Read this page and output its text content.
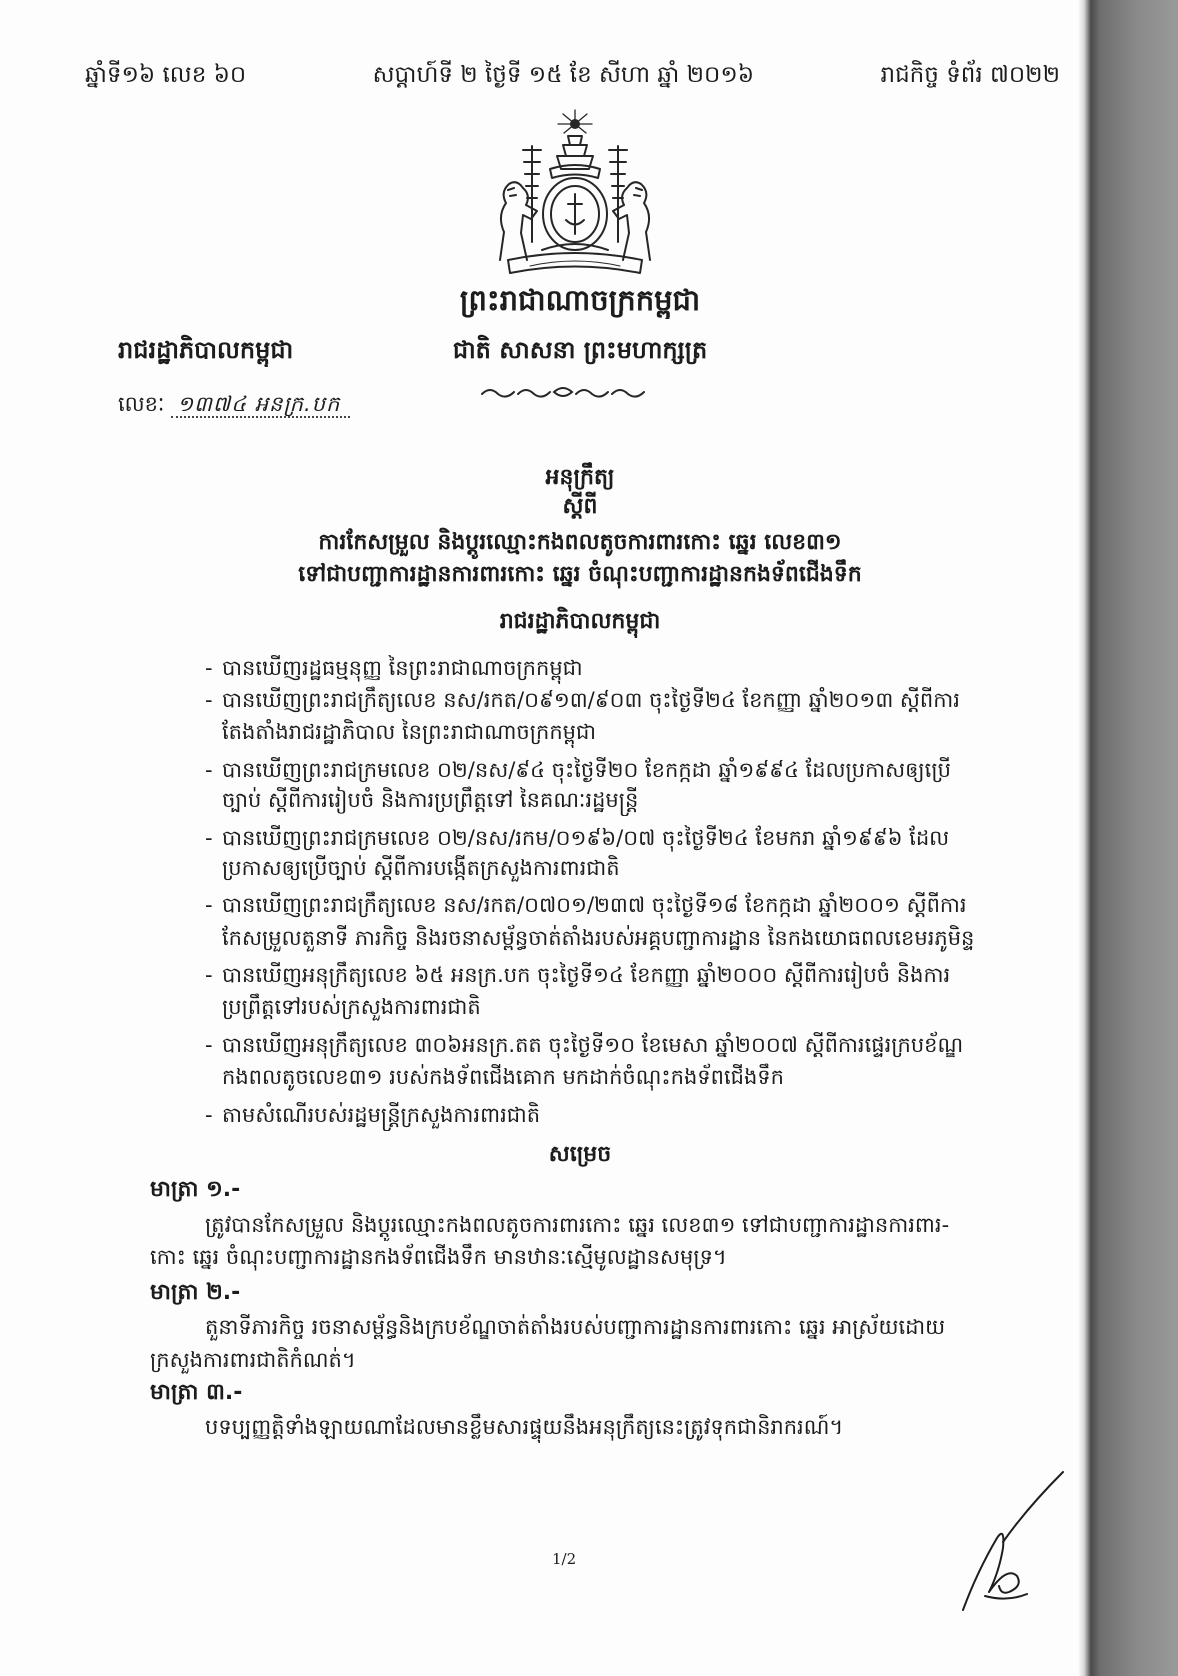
ឆ្នាំទី១៦ លេខ ៦០	សប្តាហ៍ទី ២ ថ្ងៃទី ១៥ ខែ សីហា ឆ្នាំ ២០១៦	រាជកិច្ច ទំព័រ ៧០២២
ព្រះរាជាណាចក្រកម្ពុជា
រាជរដ្ឋាភិបាលកម្ពុជា	ជាតិ សាសនា ព្រះមហាក្សត្រ
លេខៈ ១៣៧៤ អនក្រ.បក
អនុក្រឹត្យ
ស្តីពី
ការកែសម្រួល និងប្តូរឈ្មោះកងពលតូចការពារកោះ ឆ្នេរ លេខ៣១
ទៅជាបញ្ជាការដ្ឋានការពារកោះ ឆ្នេរ ចំណុះបញ្ជាការដ្ឋានកងទ័ពជើងទឹក
រាជរដ្ឋាភិបាលកម្ពុជា
- បានឃើញរដ្ឋធម្មនុញ្ញ នៃព្រះរាជាណាចក្រកម្ពុជា
- បានឃើញព្រះរាជក្រឹត្យលេខ នស/រកត/០៩១៣/៩០៣ ចុះថ្ងៃទី២៤ ខែកញ្ញា ឆ្នាំ២០១៣ ស្តីពីការ
តែងតាំងរាជរដ្ឋាភិបាល នៃព្រះរាជាណាចក្រកម្ពុជា
- បានឃើញព្រះរាជក្រមលេខ ០២/នស/៩៤ ចុះថ្ងៃទី២០ ខែកក្កដា ឆ្នាំ១៩៩៤ ដែលប្រកាសឲ្យប្រើ
ច្បាប់ ស្តីពីការរៀបចំ និងការប្រព្រឹត្តទៅ នៃគណៈរដ្ឋមន្ត្រី
- បានឃើញព្រះរាជក្រមលេខ ០២/នស/រកម/០១៩៦/០៧ ចុះថ្ងៃទី២៤ ខែមករា ឆ្នាំ១៩៩៦ ដែល
ប្រកាសឲ្យប្រើច្បាប់ ស្តីពីការបង្កើតក្រសួងការពារជាតិ
- បានឃើញព្រះរាជក្រឹត្យលេខ នស/រកត/០៧០១/២៣៧ ចុះថ្ងៃទី១៨ ខែកក្កដា ឆ្នាំ២០០១ ស្តីពីការ
កែសម្រួលតួនាទី ភារកិច្ច និងរចនាសម្ព័ន្ធចាត់តាំងរបស់អគ្គបញ្ជាការដ្ឋាន នៃកងយោធពលខេមរភូមិន្ទ
- បានឃើញអនុក្រឹត្យលេខ ៦៥ អនក្រ.បក ចុះថ្ងៃទី១៤ ខែកញ្ញា ឆ្នាំ២០០០ ស្តីពីការរៀបចំ និងការ
ប្រព្រឹត្តទៅរបស់ក្រសួងការពារជាតិ
- បានឃើញអនុក្រឹត្យលេខ ៣០៦អនក្រ.តត ចុះថ្ងៃទី១០ ខែមេសា ឆ្នាំ២០០៧ ស្តីពីការផ្ទេរក្របខ័ណ្ឌ
កងពលតូចលេខ៣១ របស់កងទ័ពជើងគោក មកដាក់ចំណុះកងទ័ពជើងទឹក
- តាមសំណើរបស់រដ្ឋមន្ត្រីក្រសួងការពារជាតិ
សម្រេច
មាត្រា ១.-
ត្រូវបានកែសម្រួល និងប្តូរឈ្មោះកងពលតូចការពារកោះ ឆ្នេរ លេខ៣១ ទៅជាបញ្ជាការដ្ឋានការពារ-
កោះ ឆ្នេរ ចំណុះបញ្ជាការដ្ឋានកងទ័ពជើងទឹក មានឋានៈស្មើមូលដ្ឋានសមុទ្រ។
មាត្រា ២.-
តួនាទីភារកិច្ច រចនាសម្ព័ន្ធនិងក្របខ័ណ្ឌចាត់តាំងរបស់បញ្ជាការដ្ឋានការពារកោះ ឆ្នេរ អាស្រ័យដោយ
ក្រសួងការពារជាតិកំណត់។
មាត្រា ៣.-
បទប្បញ្ញត្តិទាំងឡាយណាដែលមានខ្លឹមសារផ្ទុយនឹងអនុក្រឹត្យនេះត្រូវទុកជានិរាករណ៍។
1/2
